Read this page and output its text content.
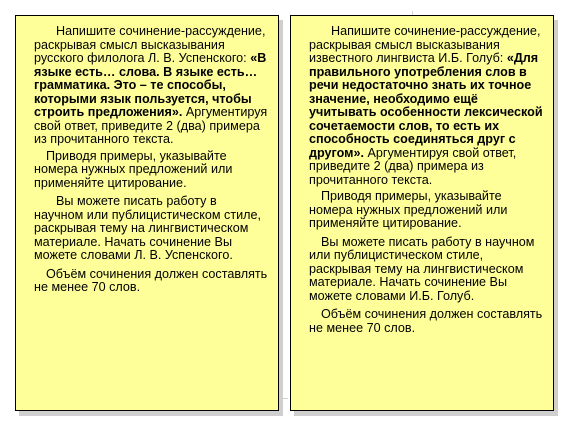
Напишите сочинение-рассуждение, раскрывая смысл высказывания русского филолога Л. В. Успенского: «В языке есть… слова. В языке есть… грамматика. Это – те способы, которыми язык пользуется, чтобы строить предложения». Аргументируя свой ответ, приведите 2 (два) примера из прочитанного текста.

Приводя примеры, указывайте номера нужных предложений или применяйте цитирование.

Вы можете писать работу в научном или публицистическом стиле, раскрывая тему на лингвистическом материале. Начать сочинение Вы можете словами Л. В. Успенского.

Объём сочинения должен составлять не менее 70 слов.

Напишите сочинение-рассуждение, раскрывая смысл высказывания известного лингвиста И.Б. Голуб: «Для правильного употребления слов в речи недостаточно знать их точное значение, необходимо ещё учитывать особенности лексической сочетаемости слов, то есть их способность соединяться друг с другом». Аргументируя свой ответ, приведите 2 (два) примера из прочитанного текста.

Приводя примеры, указывайте номера нужных предложений или применяйте цитирование.

Вы можете писать работу в научном или публицистическом стиле, раскрывая тему на лингвистическом материале. Начать сочинение Вы можете словами И.Б. Голуб.

Объём сочинения должен составлять не менее 70 слов.
